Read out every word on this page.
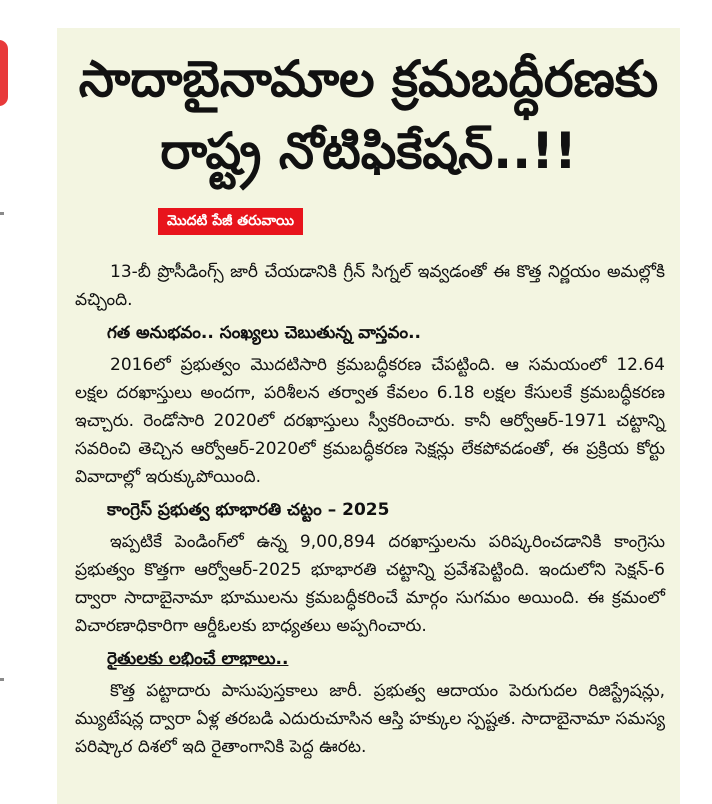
సాదాబైనామాల క్రమబద్ధీరణకు
రాష్ట్ర నోటిఫికేషన్..!!
మొదటి పేజీ తరువాయి

13-బీ ప్రొసీడింగ్స్ జారీ చేయడానికి గ్రీన్ సిగ్నల్ ఇవ్వడంతో ఈ కొత్త నిర్ణయం అమల్లోకి వచ్చింది.

గత అనుభవం.. సంఖ్యలు చెబుతున్న వాస్తవం..

2016లో ప్రభుత్వం మొదటిసారి క్రమబద్ధీకరణ చేపట్టింది. ఆ సమయంలో 12.64 లక్షల దరఖాస్తులు అందగా, పరిశీలన తర్వాత కేవలం 6.18 లక్షల కేసులకే క్రమబద్ధీకరణ ఇచ్చారు. రెండోసారి 2020లో దరఖాస్తులు స్వీకరించారు. కానీ ఆర్వోఆర్-1971 చట్టాన్ని సవరించి తెచ్చిన ఆర్వోఆర్-2020లో క్రమబద్ధీకరణ సెక్షన్లు లేకపోవడంతో, ఈ ప్రక్రియ కోర్టు వివాదాల్లో ఇరుక్కుపోయింది.

కాంగ్రెస్ ప్రభుత్వ భూభారతి చట్టం – 2025

ఇప్పటికే పెండింగ్‌లో ఉన్న 9,00,894 దరఖాస్తులను పరిష్కరించడానికి కాంగ్రెసు ప్రభుత్వం కొత్తగా ఆర్వోఆర్-2025 భూభారతి చట్టాన్ని ప్రవేశపెట్టింది. ఇందులోని సెక్షన్-6 ద్వారా సాదాబైనామా భూములను క్రమబద్ధీకరించే మార్గం సుగమం అయింది. ఈ క్రమంలో విచారణాధికారిగా ఆర్డీఓలకు బాధ్యతలు అప్పగించారు.

రైతులకు లభించే లాభాలు..

కొత్త పట్టాదారు పాసుపుస్తకాలు జారీ. ప్రభుత్వ ఆదాయం పెరుగుదల రిజిస్ట్రేషన్లు, మ్యుటేషన్ల ద్వారా ఏళ్ల తరబడి ఎదురుచూసిన ఆస్తి హక్కుల స్పష్టత. సాదాబైనామా సమస్య పరిష్కార దిశలో ఇది రైతాంగానికి పెద్ద ఊరట.
